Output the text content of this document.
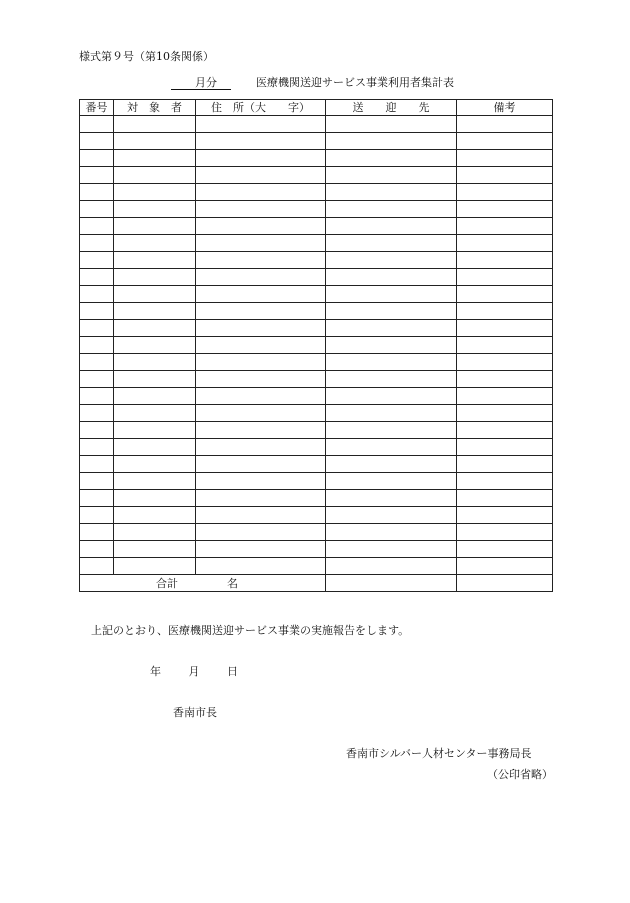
様式第９号（第10条関係）
月分	医療機関送迎サービス事業利用者集計表
番号	対　象　者	住　所（大　　字）	送　　迎　　先	備考

合計 名				

上記のとおり、医療機関送迎サービス事業の実施報告をします。
年	月	日
香南市長
香南市シルバー人材センター事務局長
（公印省略）
